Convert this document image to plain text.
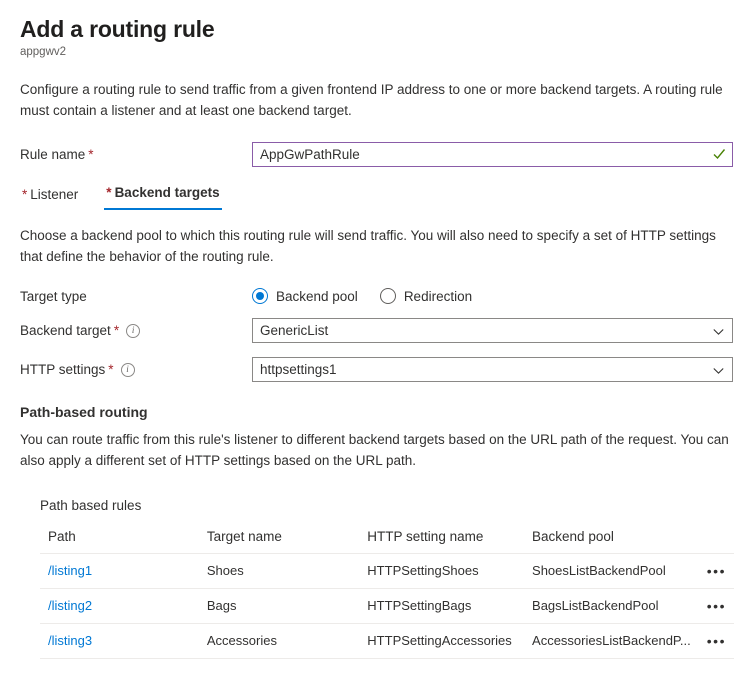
Add a routing rule
appgwv2
Configure a routing rule to send traffic from a given frontend IP address to one or more backend targets. A routing rule must contain a listener and at least one backend target.
Rule name *
AppGwPathRule
* Listener * Backend targets
Choose a backend pool to which this routing rule will send traffic. You will also need to specify a set of HTTP settings that define the behavior of the routing rule.
Target type	Backend pool	Redirection
Backend target *	i	GenericList
HTTP settings *	i	httpsettings1
Path-based routing
You can route traffic from this rule's listener to different backend targets based on the URL path of the request. You can also apply a different set of HTTP settings based on the URL path.
Path based rules
Path	Target name	HTTP setting name	Backend pool	
/listing1	Shoes	HTTPSettingShoes	ShoesListBackendPool	•••
/listing2	Bags	HTTPSettingBags	BagsListBackendPool	•••
/listing3	Accessories	HTTPSettingAccessories	AccessoriesListBackendP...	•••
